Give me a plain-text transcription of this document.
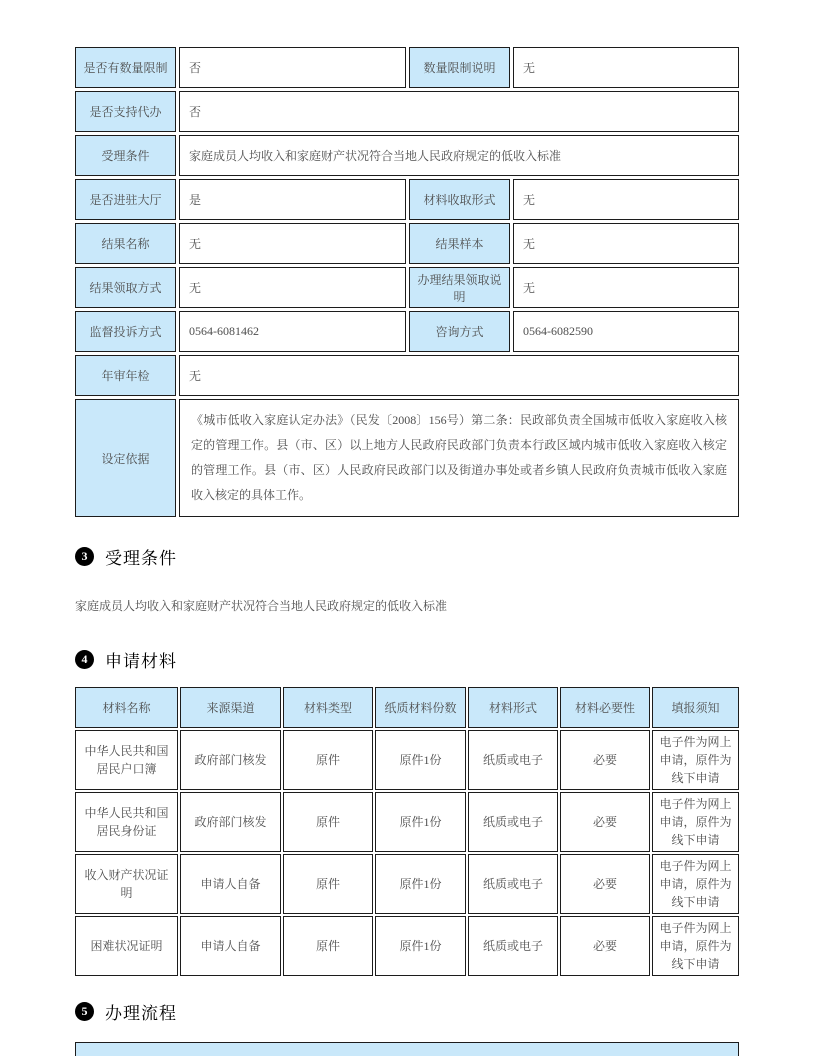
是否有数量限制	否	数量限制说明	无
是否支持代办	否		
受理条件	家庭成员人均收入和家庭财产状况符合当地人民政府规定的低收入标准		
是否进驻大厅	是	材料收取形式	无
结果名称	无	结果样本	无
结果领取方式	无	办理结果领取说明	无
监督投诉方式	0564-6081462	咨询方式	0564-6082590
年审年检	无		
设定依据	《城市低收入家庭认定办法》（民发〔2008〕156号）第二条：民政部负责全国城市低收入家庭收入核定的管理工作。县（市、区）以上地方人民政府民政部门负责本行政区域内城市低收入家庭收入核定的管理工作。县（市、区）人民政府民政部门以及街道办事处或者乡镇人民政府负责城市低收入家庭收入核定的具体工作。		
3	受理条件
家庭成员人均收入和家庭财产状况符合当地人民政府规定的低收入标准
4	申请材料
材料名称	来源渠道	材料类型	纸质材料份数	材料形式	材料必要性	填报须知
中华人民共和国居民户口簿	政府部门核发	原件	原件1份	纸质或电子	必要	电子件为网上申请，原件为线下申请
中华人民共和国居民身份证	政府部门核发	原件	原件1份	纸质或电子	必要	电子件为网上申请，原件为线下申请
收入财产状况证明	申请人自备	原件	原件1份	纸质或电子	必要	电子件为网上申请，原件为线下申请
困难状况证明	申请人自备	原件	原件1份	纸质或电子	必要	电子件为网上申请，原件为线下申请
5	办理流程
